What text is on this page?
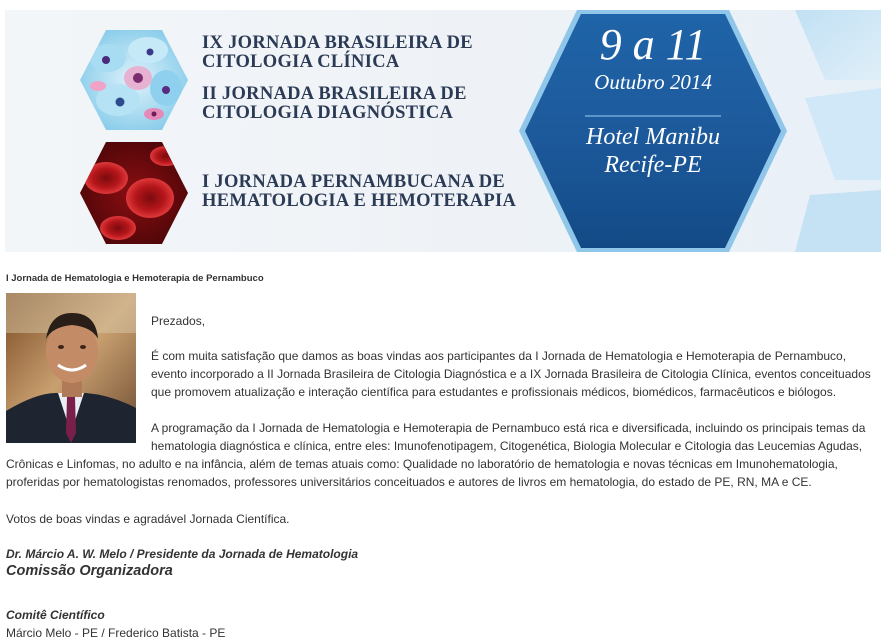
IX JORNADA BRASILEIRA DE
CITOLOGIA CLÍNICA
II JORNADA BRASILEIRA DE
CITOLOGIA DIAGNÓSTICA
I JORNADA PERNAMBUCANA DE
HEMATOLOGIA E HEMOTERAPIA
9 a 11
Outubro 2014
Hotel Manibu
Recife-PE
I Jornada de Hematologia e Hemoterapia de Pernambuco
Prezados,
É com muita satisfação que damos as boas vindas aos participantes da I Jornada de Hematologia e Hemoterapia de Pernambuco,
evento incorporado a II Jornada Brasileira de Citologia Diagnóstica e a IX Jornada Brasileira de Citologia Clínica, eventos conceituados
que promovem atualização e interação científica para estudantes e profissionais médicos, biomédicos, farmacêuticos e biólogos.
A programação da I Jornada de Hematologia e Hemoterapia de Pernambuco está rica e diversificada, incluindo os principais temas da
hematologia diagnóstica e clínica, entre eles: Imunofenotipagem, Citogenética, Biologia Molecular e Citologia das Leucemias Agudas,
Crônicas e Linfomas, no adulto e na infância, além de temas atuais como: Qualidade no laboratório de hematologia e novas técnicas em Imunohematologia,
proferidas por hematologistas renomados, professores universitários conceituados e autores de livros em hematologia, do estado de PE, RN, MA e CE.
Votos de boas vindas e agradável Jornada Científica.
Dr. Márcio A. W. Melo / Presidente da Jornada de Hematologia
Comissão Organizadora
Comitê Científico
Márcio Melo - PE / Frederico Batista - PE
